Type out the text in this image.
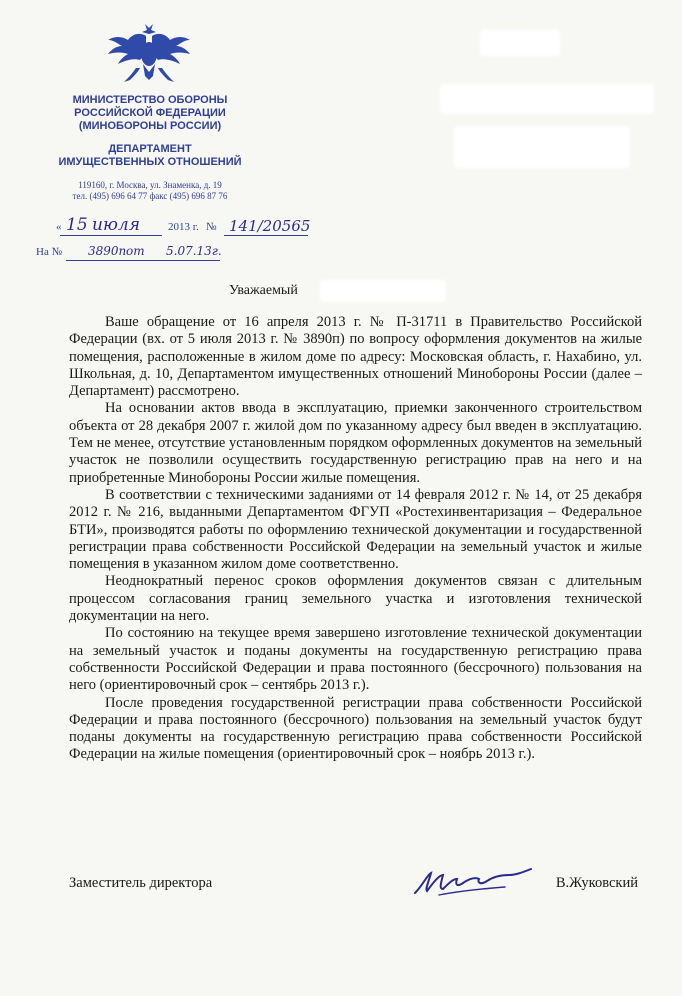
МИНИСТЕРСТВО ОБОРОНЫ
РОССИЙСКОЙ ФЕДЕРАЦИИ
(МИНОБОРОНЫ РОССИИ)
ДЕПАРТАМЕНТ
ИМУЩЕСТВЕННЫХ ОТНОШЕНИЙ
119160, г. Москва, ул. Знаменка, д. 19
тел. (495) 696 64 77 факс (495) 696 87 76
« 15 июля	2013 г. № 141/20565
На № 3890п от 5.07.13г.
Уважаемый

Ваше обращение от 16 апреля 2013 г. № П-31711 в Правительство Российской Федерации (вх. от 5 июля 2013 г. № 3890п) по вопросу оформления документов на жилые помещения, расположенные в жилом доме по адресу: Московская область, г. Нахабино, ул. Школьная, д. 10, Департаментом имущественных отношений Минобороны России (далее – Департамент) рассмотрено.

На основании актов ввода в эксплуатацию, приемки законченного строительством объекта от 28 декабря 2007 г. жилой дом по указанному адресу был введен в эксплуатацию. Тем не менее, отсутствие установленным порядком оформленных документов на земельный участок не позволили осуществить государственную регистрацию прав на него и на приобретенные Минобороны России жилые помещения.

В соответствии с техническими заданиями от 14 февраля 2012 г. № 14, от 25 декабря 2012 г. № 216, выданными Департаментом ФГУП «Ростехинвентаризация – Федеральное БТИ», производятся работы по оформлению технической документации и государственной регистрации права собственности Российской Федерации на земельный участок и жилые помещения в указанном жилом доме соответственно.

Неоднократный перенос сроков оформления документов связан с длительным процессом согласования границ земельного участка и изготовления технической документации на него.

По состоянию на текущее время завершено изготовление технической документации на земельный участок и поданы документы на государственную регистрацию права собственности Российской Федерации и права постоянного (бессрочного) пользования на него (ориентировочный срок – сентябрь 2013 г.).

После проведения государственной регистрации права собственности Российской Федерации и права постоянного (бессрочного) пользования на земельный участок будут поданы документы на государственную регистрацию права собственности Российской Федерации на жилые помещения (ориентировочный срок – ноябрь 2013 г.).

Заместитель директора	В.Жуковский
